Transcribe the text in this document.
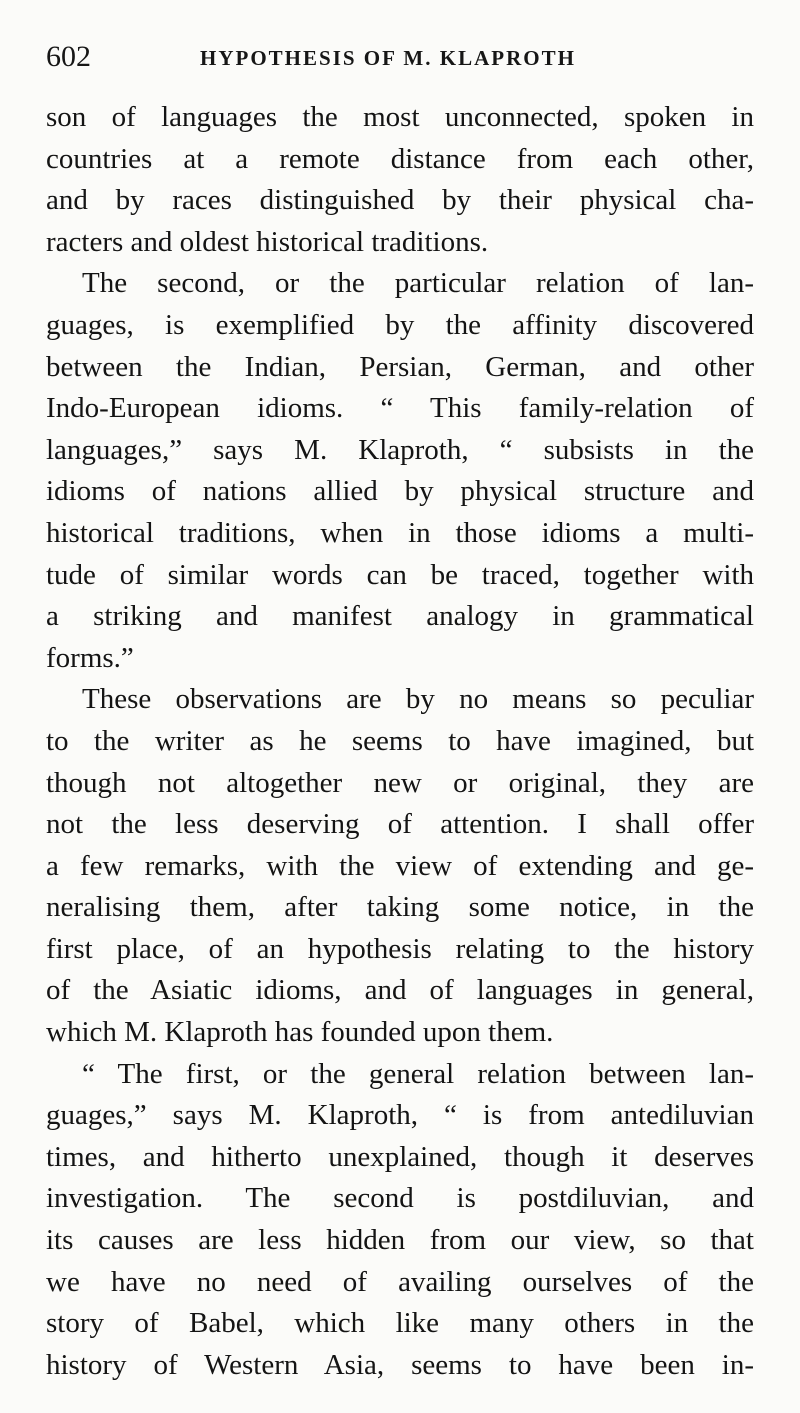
602	HYPOTHESIS OF M. KLAPROTH
son of languages the most unconnected, spoken in
countries at a remote distance from each other,
and by races distinguished by their physical cha-
racters and oldest historical traditions.
The second, or the particular relation of lan-
guages, is exemplified by the affinity discovered
between the Indian, Persian, German, and other
Indo-European idioms. “ This family-relation of
languages,” says M. Klaproth, “ subsists in the
idioms of nations allied by physical structure and
historical traditions, when in those idioms a multi-
tude of similar words can be traced, together with
a striking and manifest analogy in grammatical
forms.”
These observations are by no means so peculiar
to the writer as he seems to have imagined, but
though not altogether new or original, they are
not the less deserving of attention. I shall offer
a few remarks, with the view of extending and ge-
neralising them, after taking some notice, in the
first place, of an hypothesis relating to the history
of the Asiatic idioms, and of languages in general,
which M. Klaproth has founded upon them.
“ The first, or the general relation between lan-
guages,” says M. Klaproth, “ is from antediluvian
times, and hitherto unexplained, though it deserves
investigation. The second is postdiluvian, and
its causes are less hidden from our view, so that
we have no need of availing ourselves of the
story of Babel, which like many others in the
history of Western Asia, seems to have been in-
